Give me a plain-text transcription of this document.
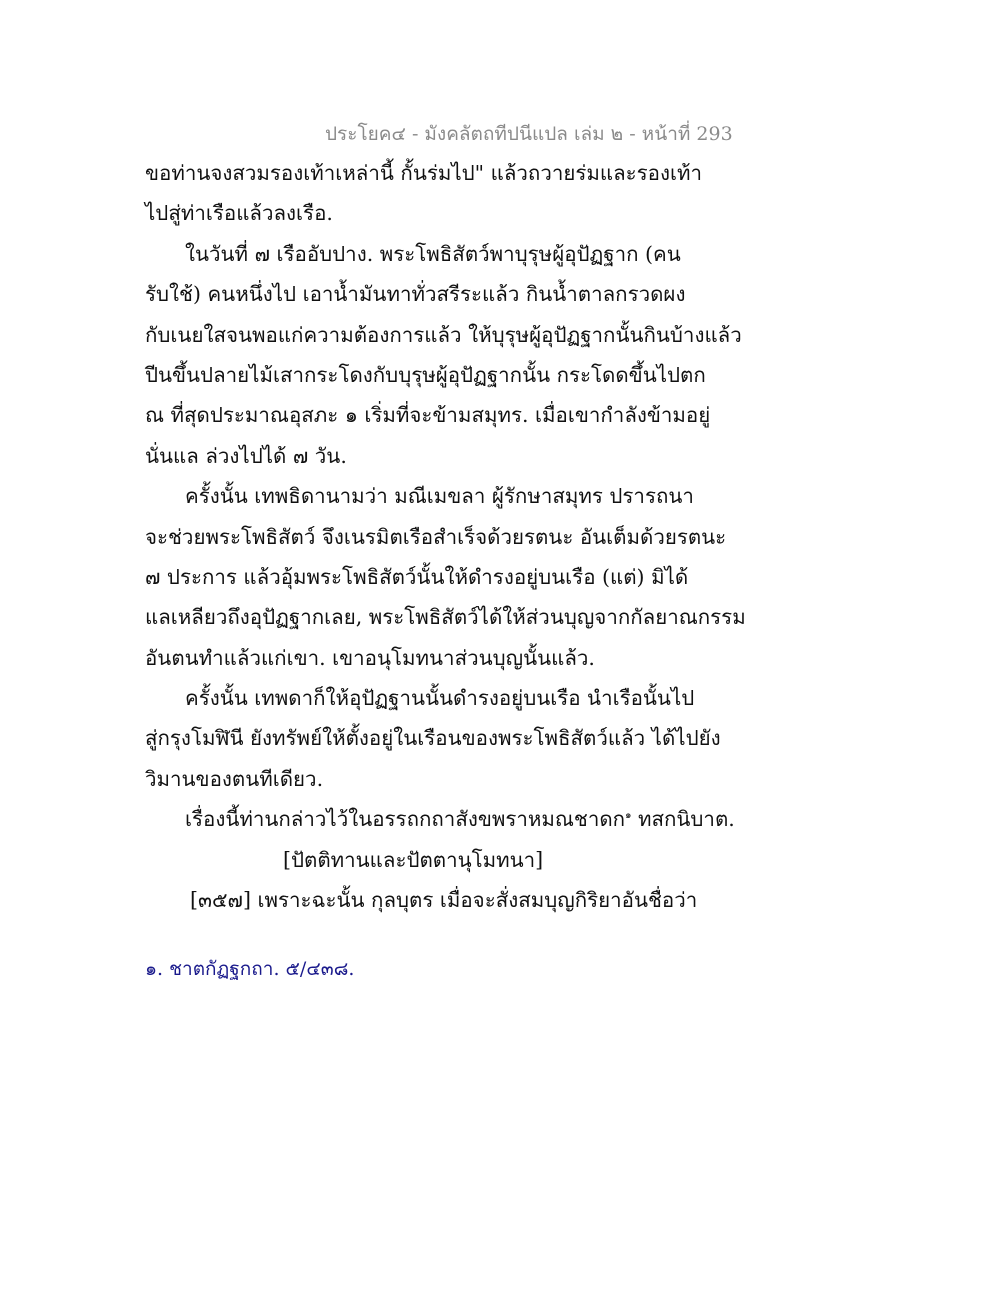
ประโยค๔ - มังคลัตถทีปนีแปล เล่ม ๒ - หน้าที่ 293
ขอท่านจงสวมรองเท้าเหล่านี้ กั้นร่มไป" แล้วถวายร่มและรองเท้า
ไปสู่ท่าเรือแล้วลงเรือ.
ในวันที่ ๗ เรืออับปาง. พระโพธิสัตว์พาบุรุษผู้อุปัฏฐาก (คน
รับใช้) คนหนึ่งไป เอาน้ำมันทาทั่วสรีระแล้ว กินน้ำตาลกรวดผง
กับเนยใสจนพอแก่ความต้องการแล้ว ให้บุรุษผู้อุปัฏฐากนั้นกินบ้างแล้ว
ปีนขึ้นปลายไม้เสากระโดงกับบุรุษผู้อุปัฏฐากนั้น กระโดดขึ้นไปตก
ณ ที่สุดประมาณอุสภะ ๑ เริ่มที่จะข้ามสมุทร. เมื่อเขากำลังข้ามอยู่
นั่นแล ล่วงไปได้ ๗ วัน.
ครั้งนั้น เทพธิดานามว่า มณีเมขลา ผู้รักษาสมุทร ปรารถนา
จะช่วยพระโพธิสัตว์ จึงเนรมิตเรือสำเร็จด้วยรตนะ อันเต็มด้วยรตนะ
๗ ประการ แล้วอุ้มพระโพธิสัตว์นั้นให้ดำรงอยู่บนเรือ (แต่) มิได้
แลเหลียวถึงอุปัฏฐากเลย, พระโพธิสัตว์ได้ให้ส่วนบุญจากกัลยาณกรรม
อันตนทำแล้วแก่เขา. เขาอนุโมทนาส่วนบุญนั้นแล้ว.
ครั้งนั้น เทพดาก็ให้อุปัฏฐานนั้นดำรงอยู่บนเรือ นำเรือนั้นไป
สู่กรุงโมฬินี ยังทรัพย์ให้ตั้งอยู่ในเรือนของพระโพธิสัตว์แล้ว ได้ไปยัง
วิมานของตนทีเดียว.
เรื่องนี้ท่านกล่าวไว้ในอรรถกถาสังขพราหมณชาดก$^๑$ ทสกนิบาต.
[ปัตติทานและปัตตานุโมทนา]
[๓๕๗] เพราะฉะนั้น กุลบุตร เมื่อจะสั่งสมบุญกิริยาอันชื่อว่า
๑. ชาตกัฏฐกถา. ๕/๔๓๘.
